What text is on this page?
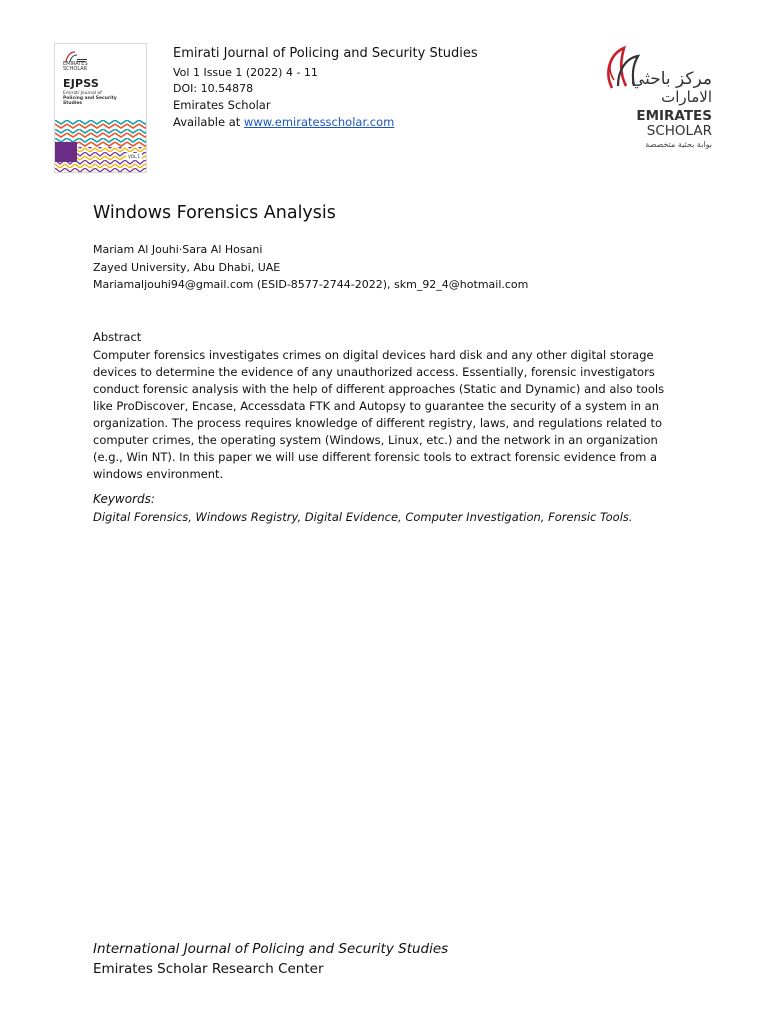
EMIRATES
SCHOLAR
EJPSS
Emirati Journal of
Policing and Security
Studies
VOL.1
Emirati Journal of Policing and Security Studies
Vol 1 Issue 1 (2022) 4 - 11
DOI: 10.54878
Emirates Scholar
Available at www.emiratesscholar.com
مركز باحثي
الامارات
EMIRATES
SCHOLAR
بوابة بحثية متخصصة
Windows Forensics Analysis
Mariam Al Jouhi·Sara Al Hosani
Zayed University, Abu Dhabi, UAE
Mariamaljouhi94@gmail.com (ESID-8577-2744-2022), skm_92_4@hotmail.com
Abstract
Computer forensics investigates crimes on digital devices hard disk and any other digital storage devices to determine the evidence of any unauthorized access. Essentially, forensic investigators conduct forensic analysis with the help of different approaches (Static and Dynamic) and also tools like ProDiscover, Encase, Accessdata FTK and Autopsy to guarantee the security of a system in an organization. The process requires knowledge of different registry, laws, and regulations related to computer crimes, the operating system (Windows, Linux, etc.) and the network in an organization (e.g., Win NT). In this paper we will use different forensic tools to extract forensic evidence from a windows environment.
Keywords:
Digital Forensics, Windows Registry, Digital Evidence, Computer Investigation, Forensic Tools.
International Journal of Policing and Security Studies
Emirates Scholar Research Center
